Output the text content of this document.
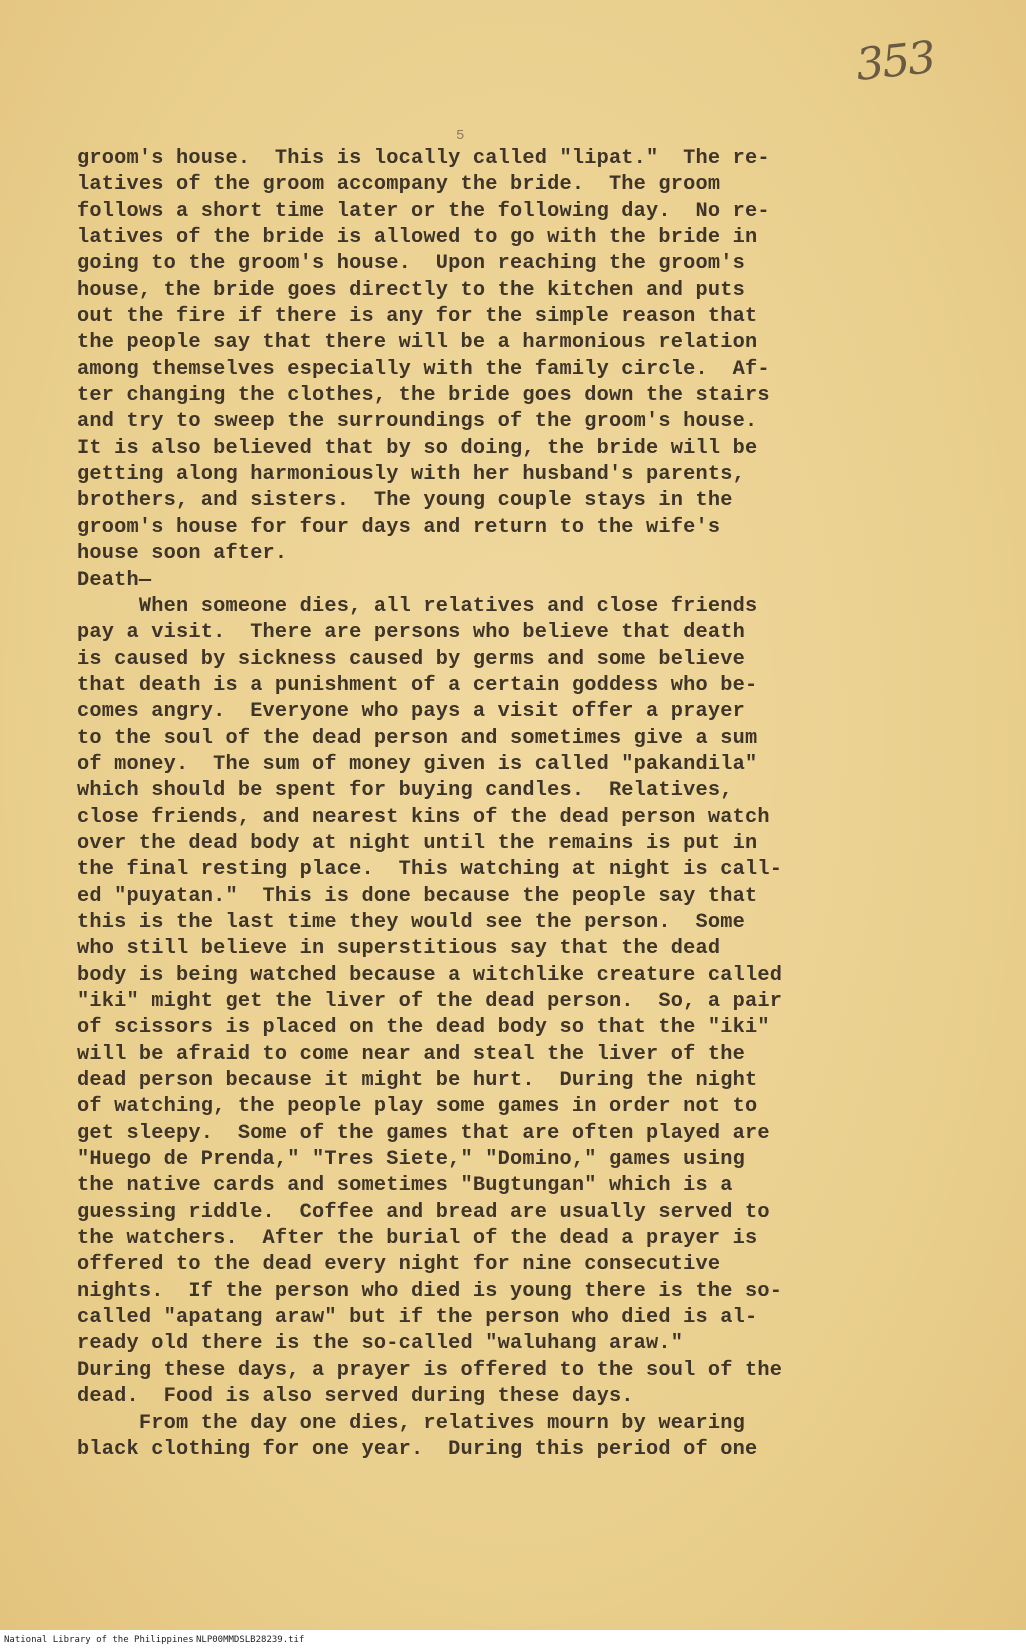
353
5
groom's house.  This is locally called "lipat."  The re-
latives of the groom accompany the bride.  The groom
follows a short time later or the following day.  No re-
latives of the bride is allowed to go with the bride in
going to the groom's house.  Upon reaching the groom's
house, the bride goes directly to the kitchen and puts
out the fire if there is any for the simple reason that
the people say that there will be a harmonious relation
among themselves especially with the family circle.  Af-
ter changing the clothes, the bride goes down the stairs
and try to sweep the surroundings of the groom's house.
It is also believed that by so doing, the bride will be
getting along harmoniously with her husband's parents,
brothers, and sisters.  The young couple stays in the
groom's house for four days and return to the wife's
house soon after.
Death—
When someone dies, all relatives and close friends
pay a visit.  There are persons who believe that death
is caused by sickness caused by germs and some believe
that death is a punishment of a certain goddess who be-
comes angry.  Everyone who pays a visit offer a prayer
to the soul of the dead person and sometimes give a sum
of money.  The sum of money given is called "pakandila"
which should be spent for buying candles.  Relatives,
close friends, and nearest kins of the dead person watch
over the dead body at night until the remains is put in
the final resting place.  This watching at night is call-
ed "puyatan."  This is done because the people say that
this is the last time they would see the person.  Some
who still believe in superstitious say that the dead
body is being watched because a witchlike creature called
"iki" might get the liver of the dead person.  So, a pair
of scissors is placed on the dead body so that the "iki"
will be afraid to come near and steal the liver of the
dead person because it might be hurt.  During the night
of watching, the people play some games in order not to
get sleepy.  Some of the games that are often played are
"Huego de Prenda," "Tres Siete," "Domino," games using
the native cards and sometimes "Bugtungan" which is a
guessing riddle.  Coffee and bread are usually served to
the watchers.  After the burial of the dead a prayer is
offered to the dead every night for nine consecutive
nights.  If the person who died is young there is the so-
called "apatang araw" but if the person who died is al-
ready old there is the so-called "waluhang araw."
During these days, a prayer is offered to the soul of the
dead.  Food is also served during these days.
From the day one dies, relatives mourn by wearing
black clothing for one year.  During this period of one
National Library of the Philippines NLP00MMDSLB28239.tif
